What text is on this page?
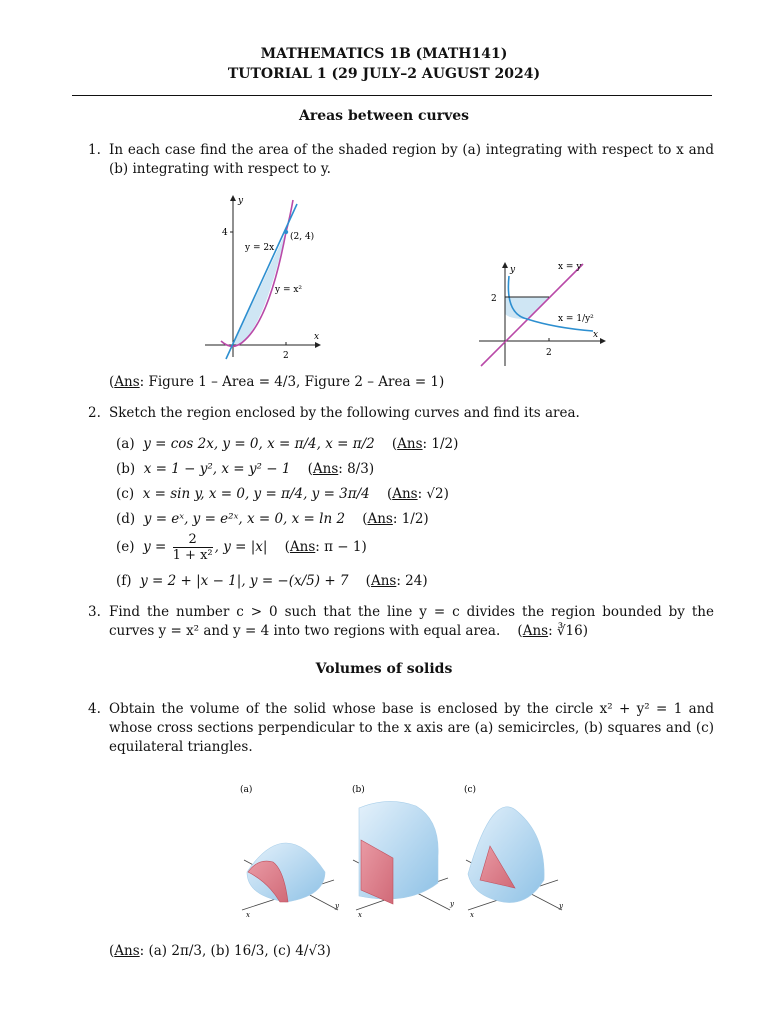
MATHEMATICS 1B (MATH141)
TUTORIAL 1 (29 JULY–2 AUGUST 2024)
Areas between curves
1. In each case find the area of the shaded region by (a) integrating with respect to x and (b) integrating with respect to y.
y
x
4
2
(2, 4)
y = 2x
y = x²
y
x
2
2
x = y
x = 1/y²
(Ans: Figure 1 – Area = 4/3, Figure 2 – Area = 1)
2. Sketch the region enclosed by the following curves and find its area.
(a) y = cos 2x, y = 0, x = π/4, x = π/2    (Ans: 1/2)
(b) x = 1 − y², x = y² − 1    (Ans: 8/3)
(c) x = sin y, x = 0, y = π/4, y = 3π/4    (Ans: √2)
(d) y = eˣ, y = e²ˣ, x = 0, x = ln 2    (Ans: 1/2)
(e) $y = \frac{2}{\text{1 + x²}}$ , y = |x|    (Ans: π − 1)
(f) y = 2 + |x − 1|, y = −(x/5) + 7    (Ans: 24)
3. Find the number c > 0 such that the line y = c divides the region bounded by the curves y = x² and y = 4 into two regions with equal area.    (Ans: ∛16)
Volumes of solids
4. Obtain the volume of the solid whose base is enclosed by the circle x² + y² = 1 and whose cross sections perpendicular to the x axis are (a) semicircles, (b) squares and (c) equilateral triangles.
(a)
x
y
(b)
x
y
(c)
x
y
(Ans: (a) 2π/3, (b) 16/3, (c) 4/√3)
